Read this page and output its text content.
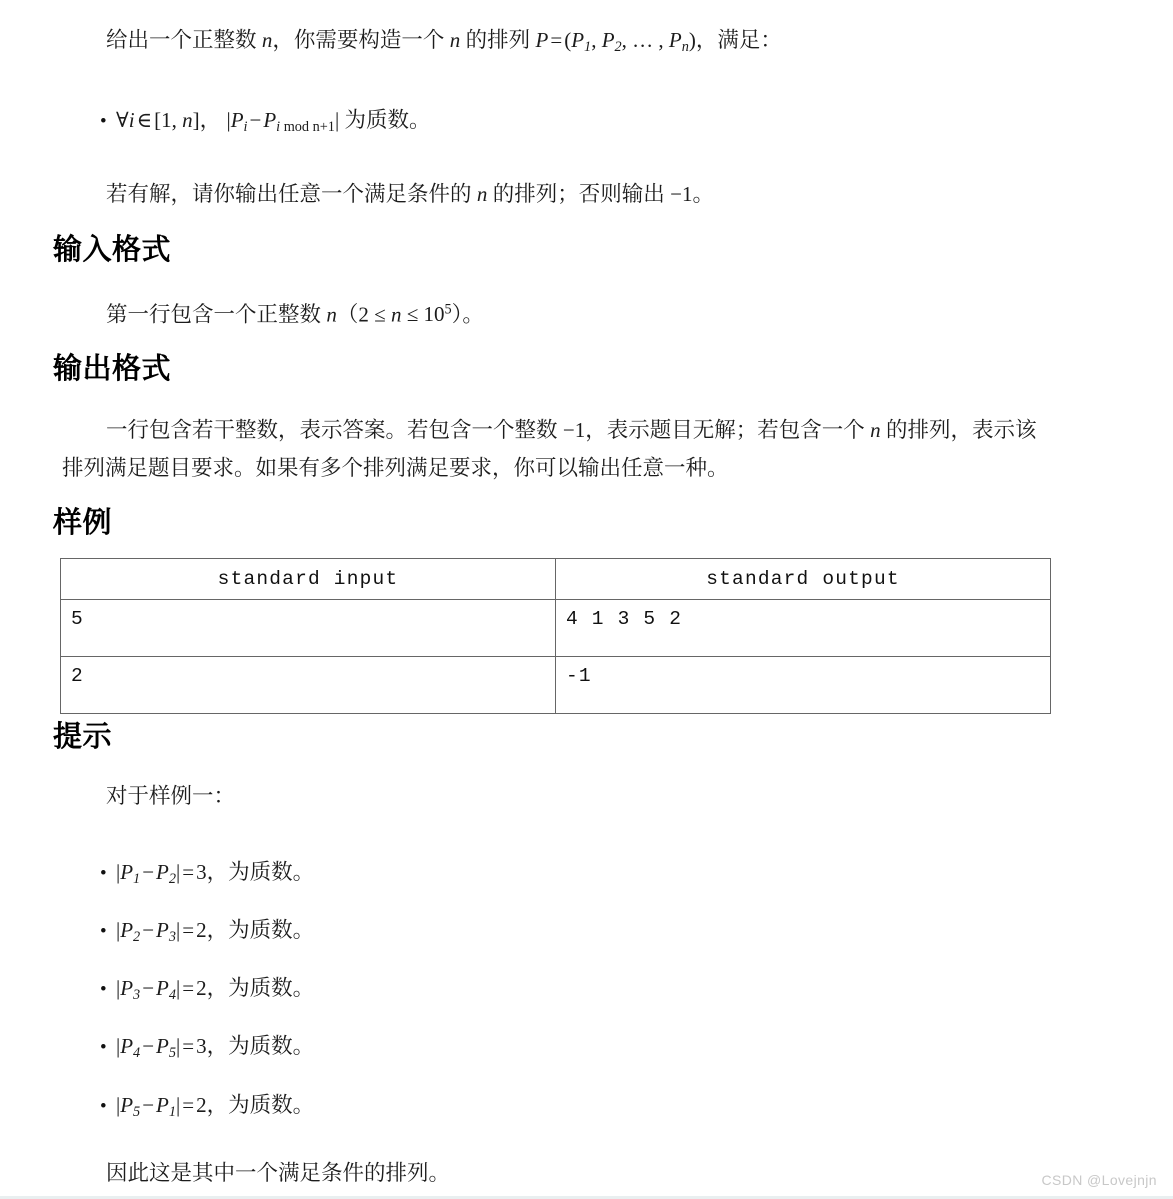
给出一个正整数 n，你需要构造一个 n 的排列 $P=(P_1$, $P_2$, … , $P_n$)，满足：
• ∀i∈[1, n]， $|P_i-P_i$ mod n+1| 为质数。
若有解，请你输出任意一个满足条件的 n 的排列；否则输出 −1。
输入格式
第一行包含一个正整数 $n(2 \le n \le 10^5)$。
输出格式
一行包含若干整数，表示答案。若包含一个整数 −1，表示题目无解；若包含一个 n 的排列，表示该
排列满足题目要求。如果有多个排列满足要求，你可以输出任意一种。
样例
standard input	standard output
5	4 1 3 5 2
2	-1
提示
对于样例一：
• $|P_1-P_2|=3$，为质数。
• $|P_2-P_3|=2$，为质数。
• $|P_3-P_4|=2$，为质数。
• $|P_4-P_5|=3$，为质数。
• $|P_5-P_1|=2$，为质数。
因此这是其中一个满足条件的排列。	CSDN @Lovejnjn
